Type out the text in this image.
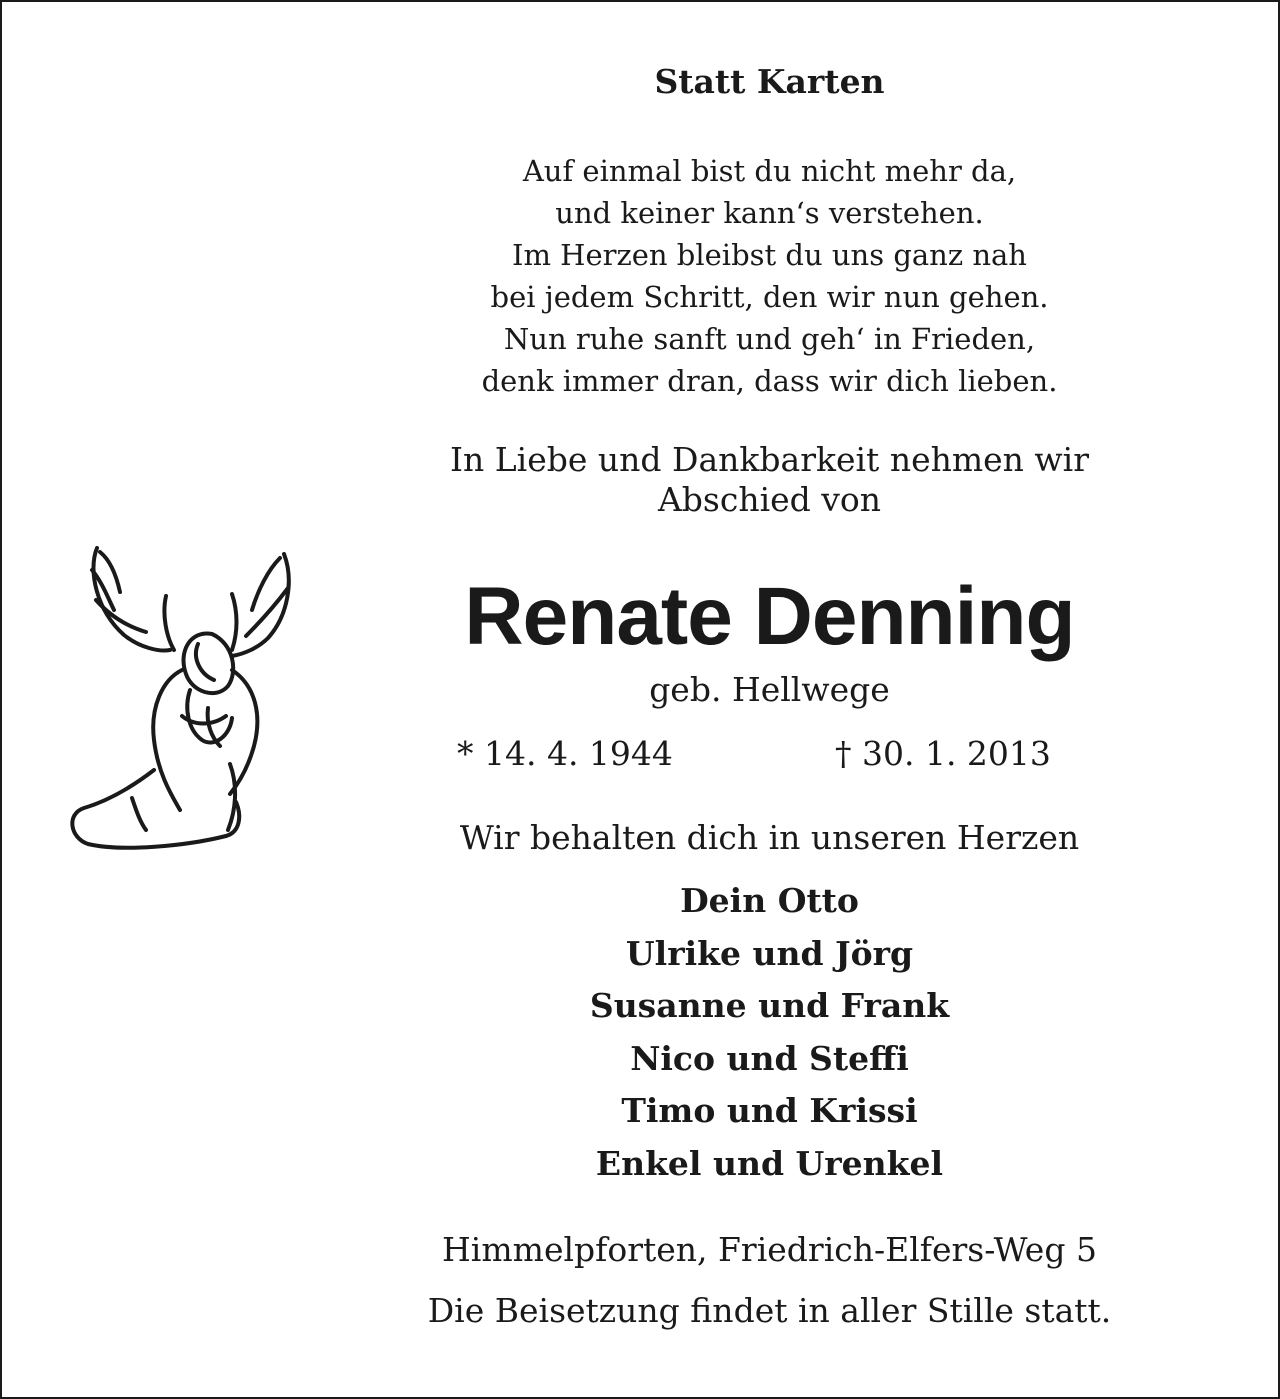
Statt Karten
Auf einmal bist du nicht mehr da,
und keiner kann‘s verstehen.
Im Herzen bleibst du uns ganz nah
bei jedem Schritt, den wir nun gehen.
Nun ruhe sanft und geh‘ in Frieden,
denk immer dran, dass wir dich lieben.
In Liebe und Dankbarkeit nehmen wir
Abschied von
Renate Denning
geb. Hellwege
* 14. 4. 1944	† 30. 1. 2013
Wir behalten dich in unseren Herzen
Dein Otto
Ulrike und Jörg
Susanne und Frank
Nico und Steffi
Timo und Krissi
Enkel und Urenkel
Himmelpforten, Friedrich-Elfers-Weg 5
Die Beisetzung findet in aller Stille statt.
